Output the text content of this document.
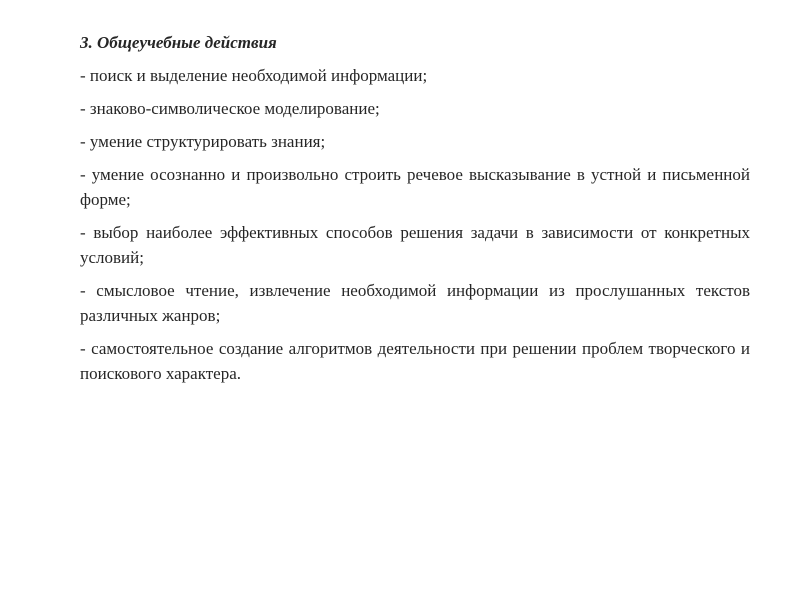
3. Общеучебные действия

- поиск и выделение необходимой информации;

- знаково-символическое моделирование;

- умение структурировать знания;

- умение осознанно и произвольно строить речевое высказывание в устной и письменной форме;

- выбор наиболее эффективных способов решения задачи в зависимости от конкретных условий;

- смысловое чтение, извлечение необходимой информации из прослушанных текстов различных жанров;

- самостоятельное создание алгоритмов деятельности при решении проблем творческого и поискового характера.
